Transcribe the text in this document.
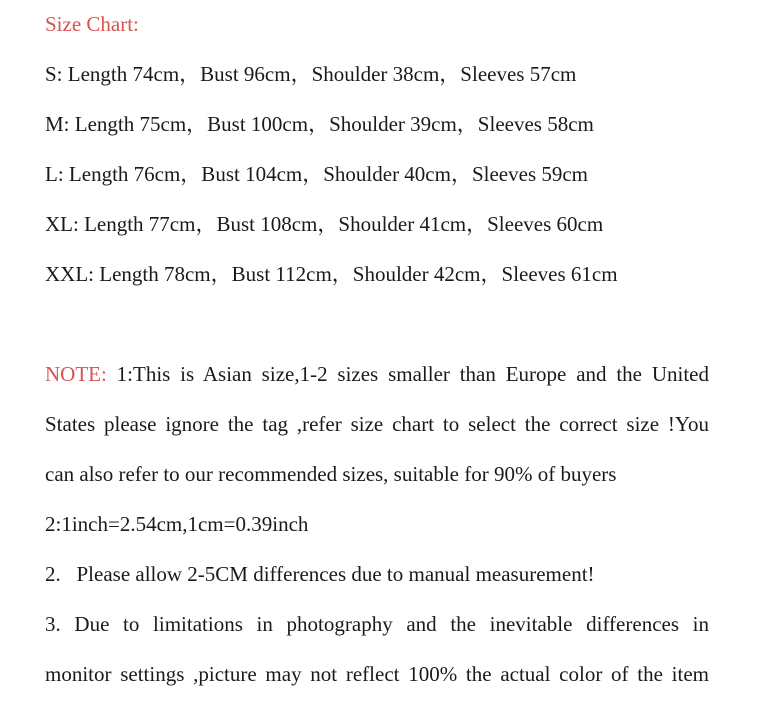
Size Chart:
S: Length 74cm，Bust 96cm，Shoulder 38cm，Sleeves 57cm
M: Length 75cm，Bust 100cm，Shoulder 39cm，Sleeves 58cm
L: Length 76cm，Bust 104cm，Shoulder 40cm，Sleeves 59cm
XL: Length 77cm，Bust 108cm，Shoulder 41cm，Sleeves 60cm
XXL: Length 78cm，Bust 112cm，Shoulder 42cm，Sleeves 61cm
NOTE: 1:This is Asian size,1-2 sizes smaller than Europe and the United
States please ignore the tag ,refer size chart to select the correct size !You
can also refer to our recommended sizes, suitable for 90% of buyers
2:1inch=2.54cm,1cm=0.39inch
2.   Please allow 2-5CM differences due to manual measurement!
3. Due to limitations in photography and the inevitable differences in
monitor settings ,picture may not reflect 100% the actual color of the item
